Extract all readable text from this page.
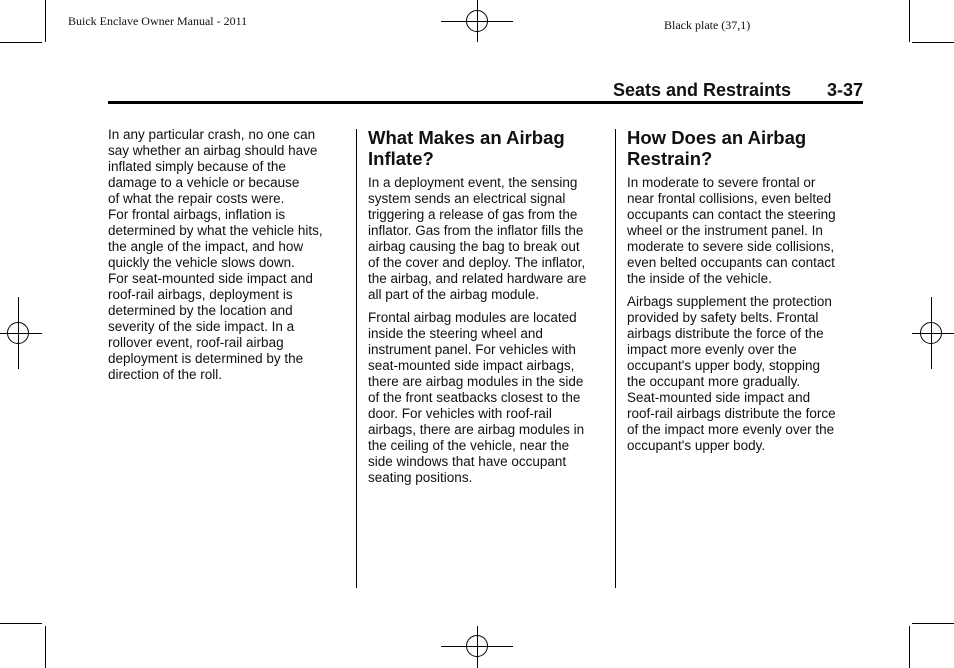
Buick Enclave Owner Manual - 2011	Black plate (37,1)
Seats and Restraints 3-37

In any particular crash, no one can
say whether an airbag should have
inflated simply because of the
damage to a vehicle or because
of what the repair costs were.
For frontal airbags, inflation is
determined by what the vehicle hits,
the angle of the impact, and how
quickly the vehicle slows down.
For seat-mounted side impact and
roof-rail airbags, deployment is
determined by the location and
severity of the side impact. In a
rollover event, roof-rail airbag
deployment is determined by the
direction of the roll.

What Makes an Airbag
Inflate?

In a deployment event, the sensing
system sends an electrical signal
triggering a release of gas from the
inflator. Gas from the inflator fills the
airbag causing the bag to break out
of the cover and deploy. The inflator,
the airbag, and related hardware are
all part of the airbag module.

Frontal airbag modules are located
inside the steering wheel and
instrument panel. For vehicles with
seat-mounted side impact airbags,
there are airbag modules in the side
of the front seatbacks closest to the
door. For vehicles with roof-rail
airbags, there are airbag modules in
the ceiling of the vehicle, near the
side windows that have occupant
seating positions.

How Does an Airbag
Restrain?

In moderate to severe frontal or
near frontal collisions, even belted
occupants can contact the steering
wheel or the instrument panel. In
moderate to severe side collisions,
even belted occupants can contact
the inside of the vehicle.

Airbags supplement the protection
provided by safety belts. Frontal
airbags distribute the force of the
impact more evenly over the
occupant's upper body, stopping
the occupant more gradually.
Seat-mounted side impact and
roof-rail airbags distribute the force
of the impact more evenly over the
occupant's upper body.
